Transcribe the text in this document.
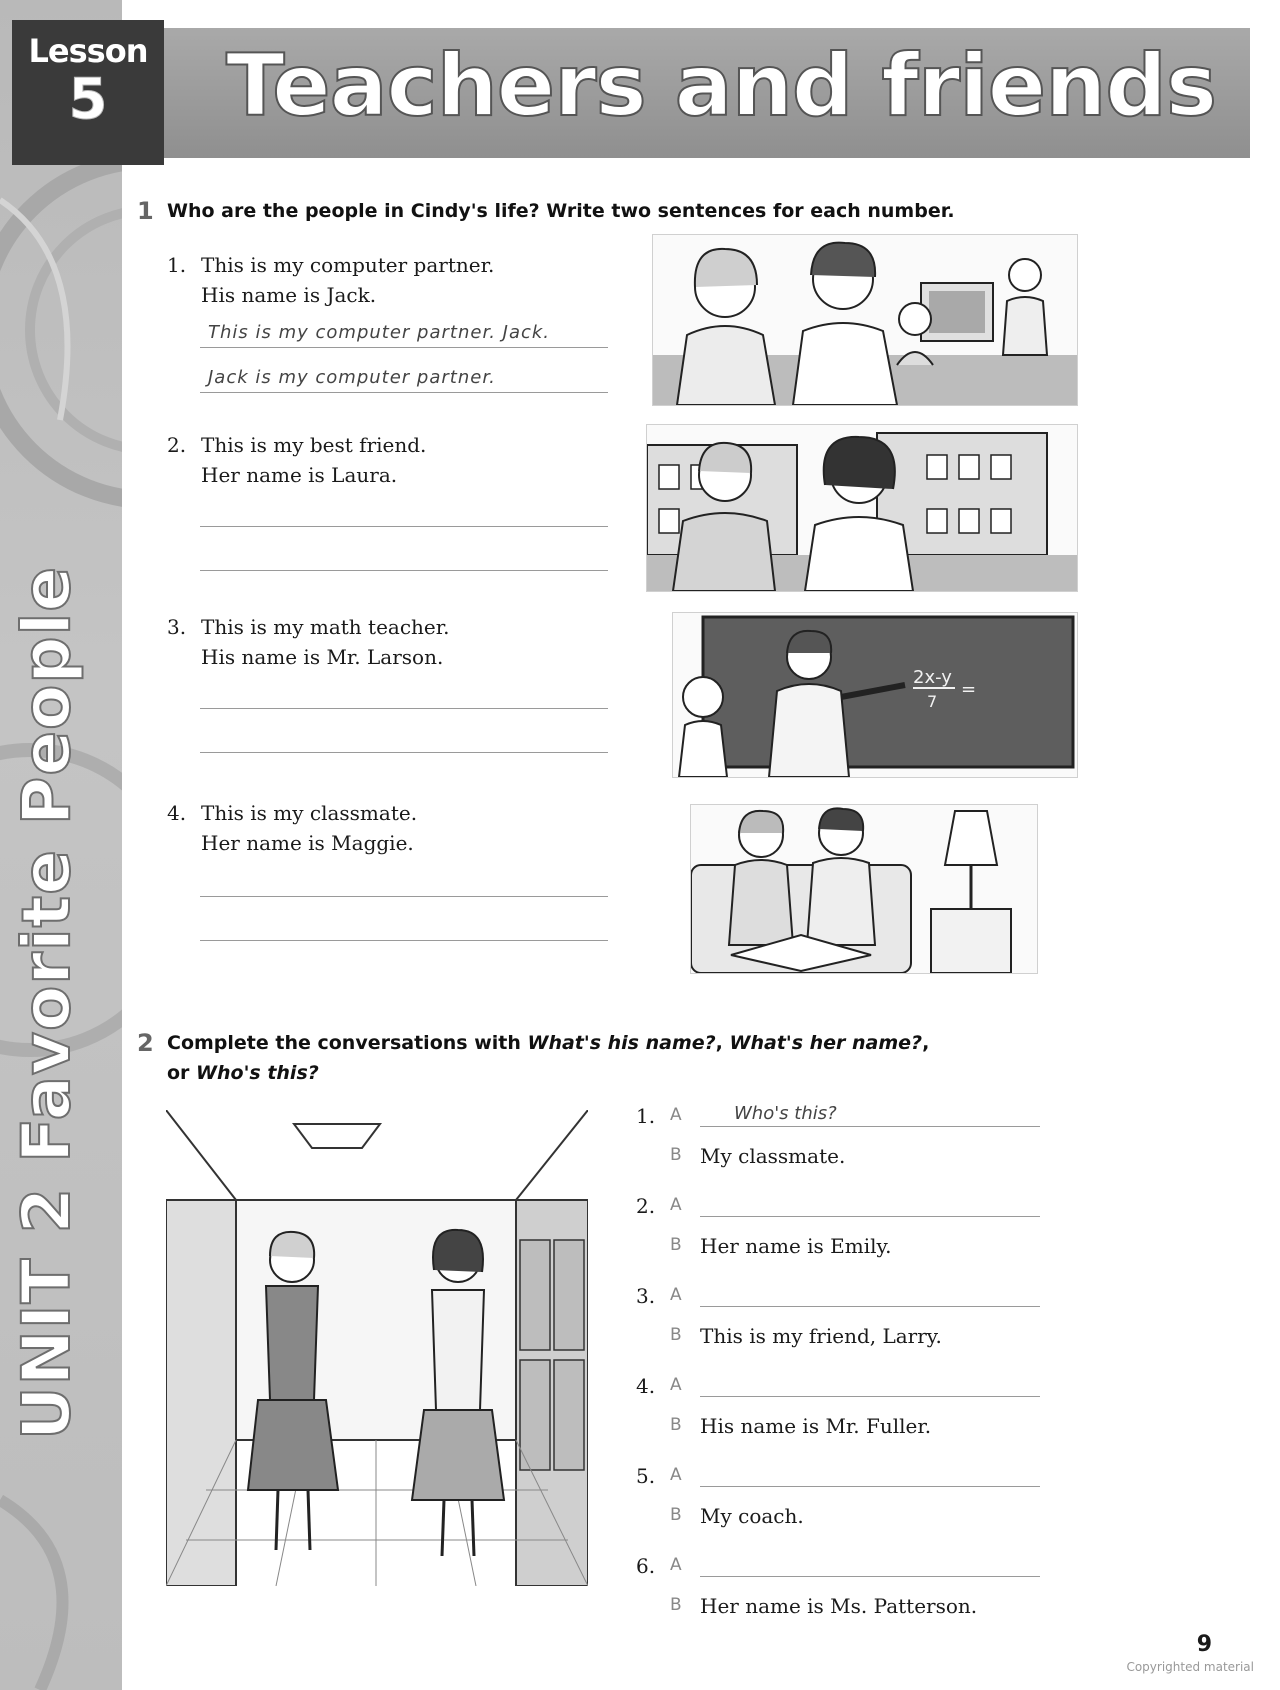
UNIT 2 Favorite People
Lesson
5	Teachers and friends
1 Who are the people in Cindy's life? Write two sentences for each number.
1. This is my computer partner.
His name is Jack.
This is my computer partner. Jack.
Jack is my computer partner.
2. This is my best friend.
Her name is Laura.
3. This is my math teacher.
His name is Mr. Larson.
4. This is my classmate.
Her name is Maggie.
2x-y
7
=
2 Complete the conversations with What's his name?, What's her name?,
or Who's this?
1. A	Who's this?
B My classmate.
2. A
B Her name is Emily.
3. A
B This is my friend, Larry.
4. A
B His name is Mr. Fuller.
5. A
B My coach.
6. A
B Her name is Ms. Patterson.
9
Copyrighted material
